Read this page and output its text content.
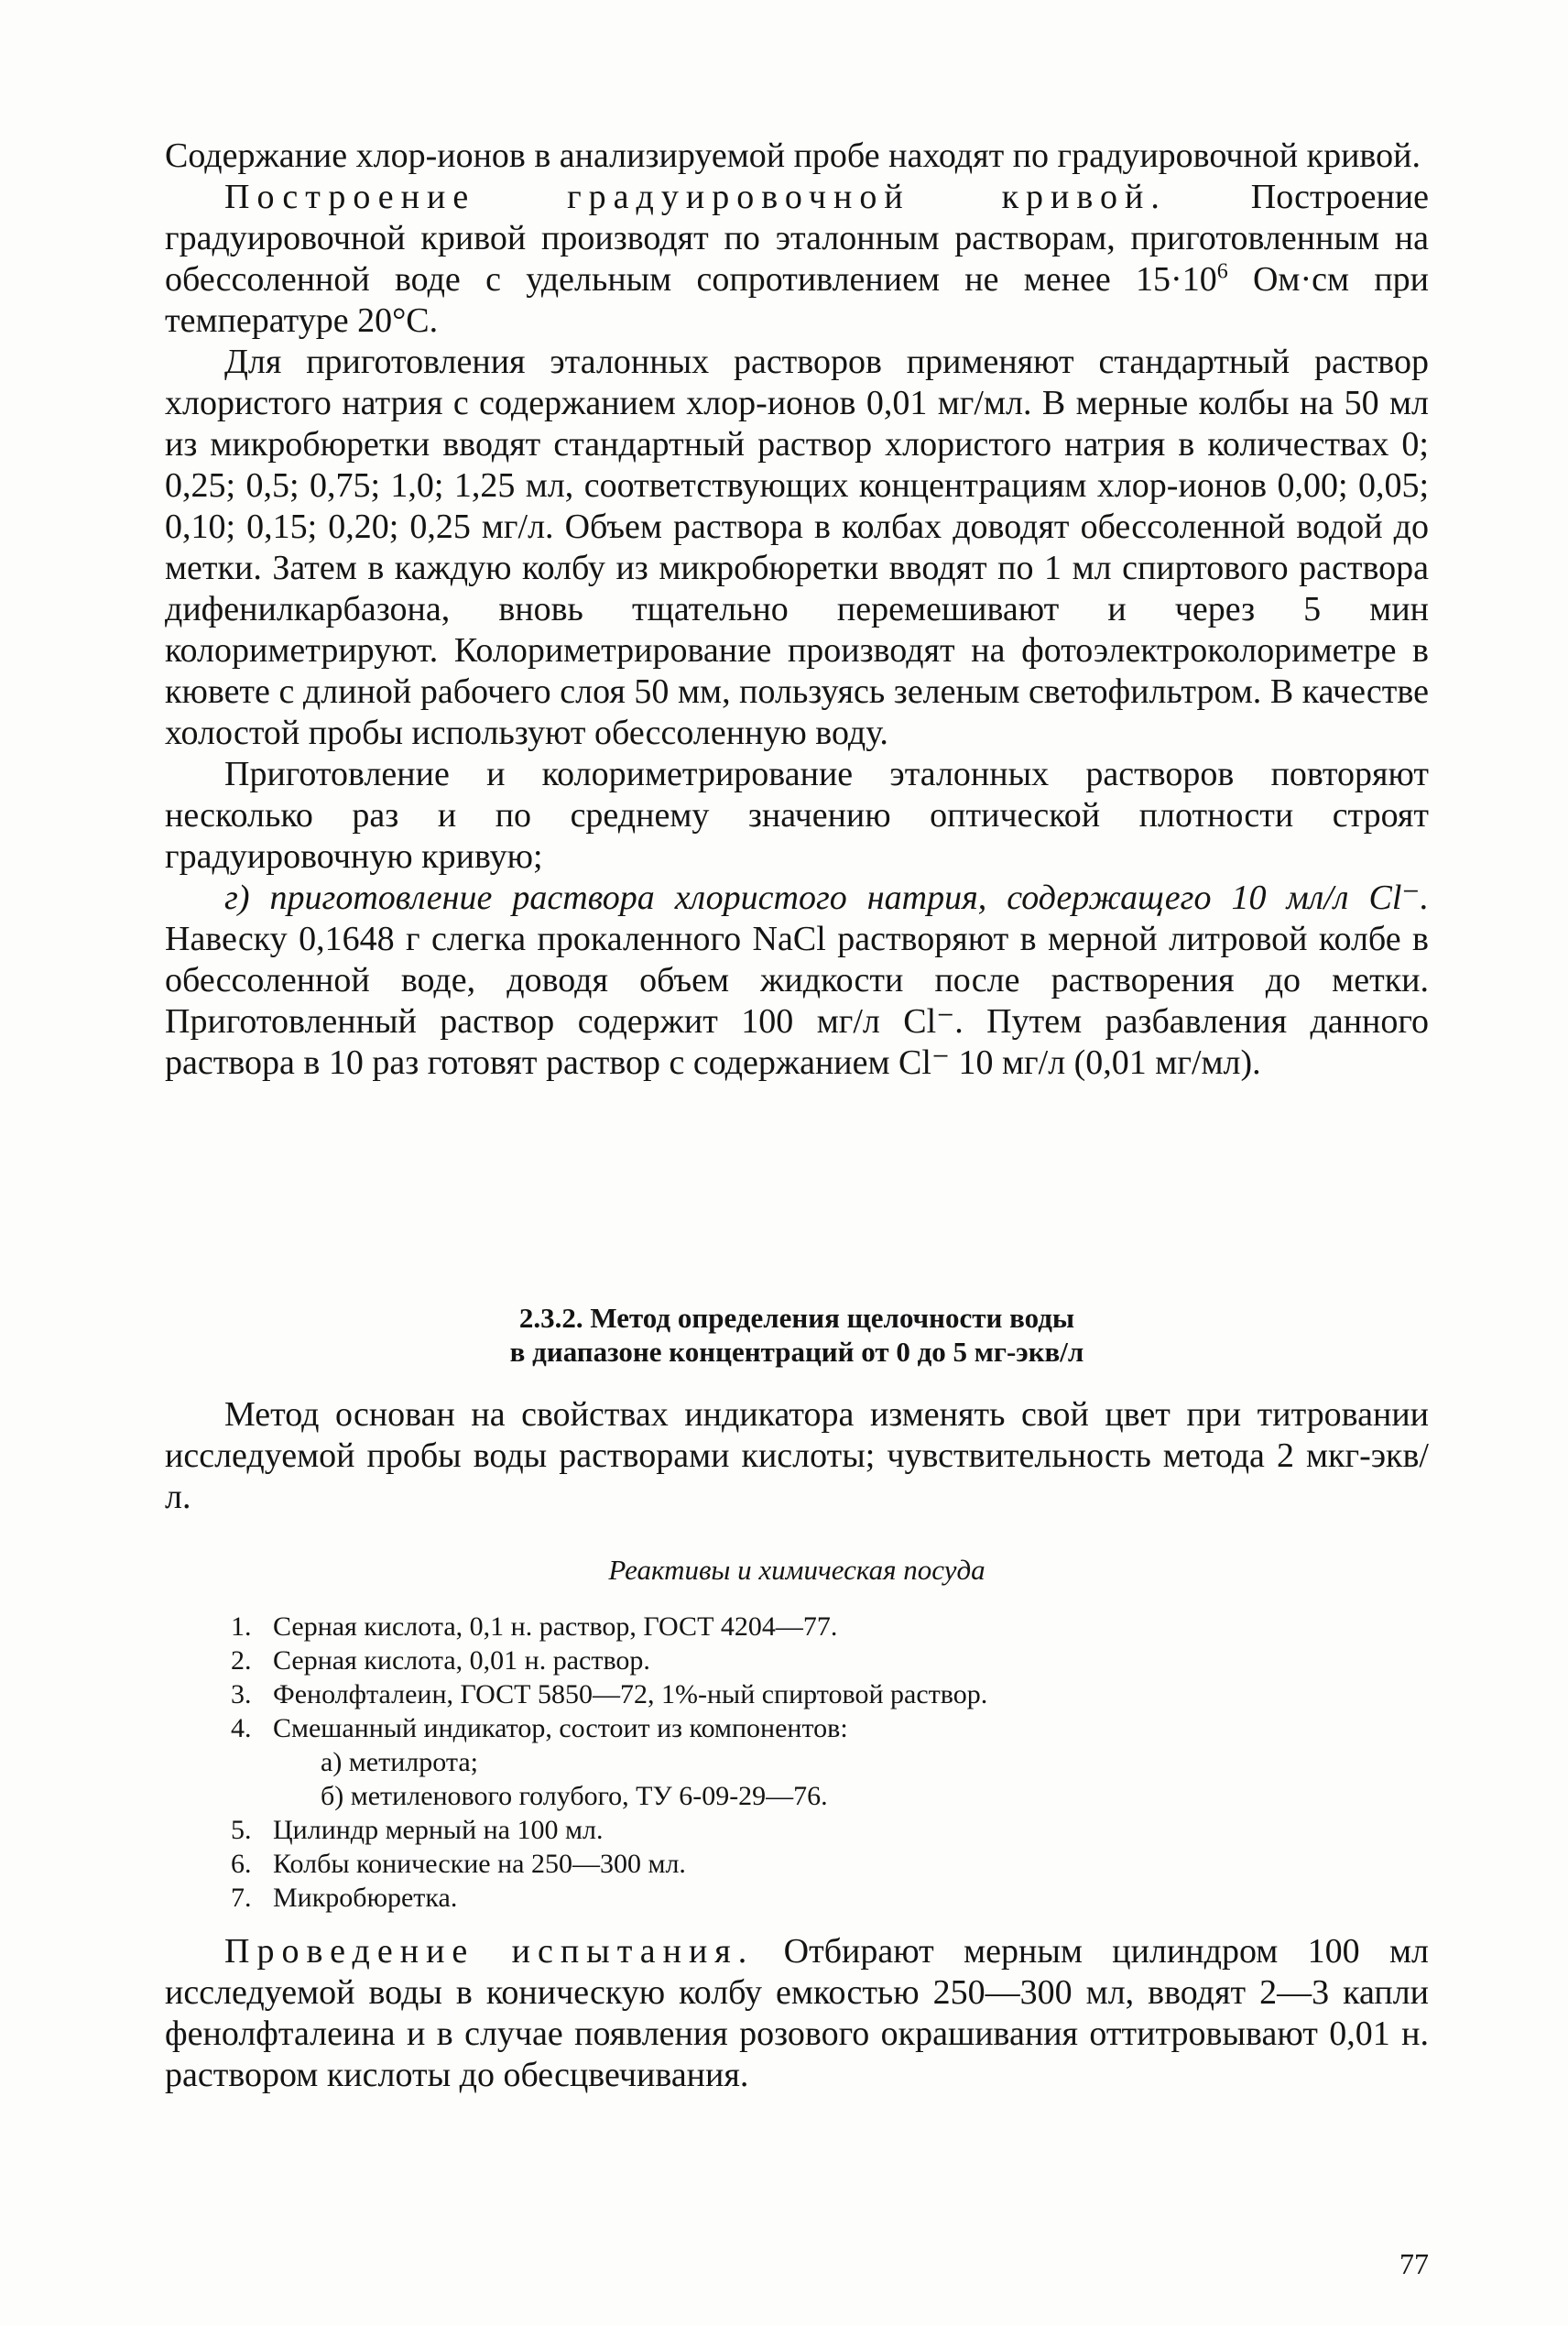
Содержание хлор-ионов в анализируемой пробе находят по градуировочной кривой.

Построение градуировочной кривой. Построение градуировочной кривой производят по эталонным растворам, приготовленным на обессоленной воде с удельным сопротивлением не менее $15\cdot 10^6$ Ом·см при температуре 20°С.

Для приготовления эталонных растворов применяют стандартный раствор хлористого натрия с содержанием хлор-ионов 0,01 мг/мл. В мерные колбы на 50 мл из микробюретки вводят стандартный раствор хлористого натрия в количествах 0; 0,25; 0,5; 0,75; 1,0; 1,25 мл, соответствующих концентрациям хлор-ионов 0,00; 0,05; 0,10; 0,15; 0,20; 0,25 мг/л. Объем раствора в колбах доводят обессоленной водой до метки. Затем в каждую колбу из микробюретки вводят по 1 мл спиртового раствора дифенилкарбазона, вновь тщательно перемешивают и через 5 мин колориметрируют. Колориметрирование производят на фотоэлектроколориметре в кювете с длиной рабочего слоя 50 мм, пользуясь зеленым светофильтром. В качестве холостой пробы используют обессоленную воду.

Приготовление и колориметрирование эталонных растворов повторяют несколько раз и по среднему значению оптической плотности строят градуировочную кривую;

г) приготовление раствора хлористого натрия, содержащего 10 мл/л Cl⁻. Навеску 0,1648 г слегка прокаленного NaCl растворяют в мерной литровой колбе в обессоленной воде, доводя объем жидкости после растворения до метки. Приготовленный раствор содержит 100 мг/л Cl⁻. Путем разбавления данного раствора в 10 раз готовят раствор с содержанием Cl⁻ 10 мг/л (0,01 мг/мл).

2.3.2. Метод определения щелочности воды
в диапазоне концентраций от 0 до 5 мг-экв/л

Метод основан на свойствах индикатора изменять свой цвет при титровании исследуемой пробы воды растворами кислоты; чувствительность метода 2 мкг-экв/л.

Реактивы и химическая посуда
1. Серная кислота, 0,1 н. раствор, ГОСТ 4204—77.
2. Серная кислота, 0,01 н. раствор.
3. Фенолфталеин, ГОСТ 5850—72, 1%-ный спиртовой раствор.
4. Смешанный индикатор, состоит из компонентов:
а) метилрота;
б) метиленового голубого, ТУ 6-09-29—76.
5. Цилиндр мерный на 100 мл.
6. Колбы конические на 250—300 мл.
7. Микробюретка.

Проведение испытания. Отбирают мерным цилиндром 100 мл исследуемой воды в коническую колбу емкостью 250—300 мл, вводят 2—3 капли фенолфталеина и в случае появления розового окрашивания оттитровывают 0,01 н. раствором кислоты до обесцвечивания.

77
